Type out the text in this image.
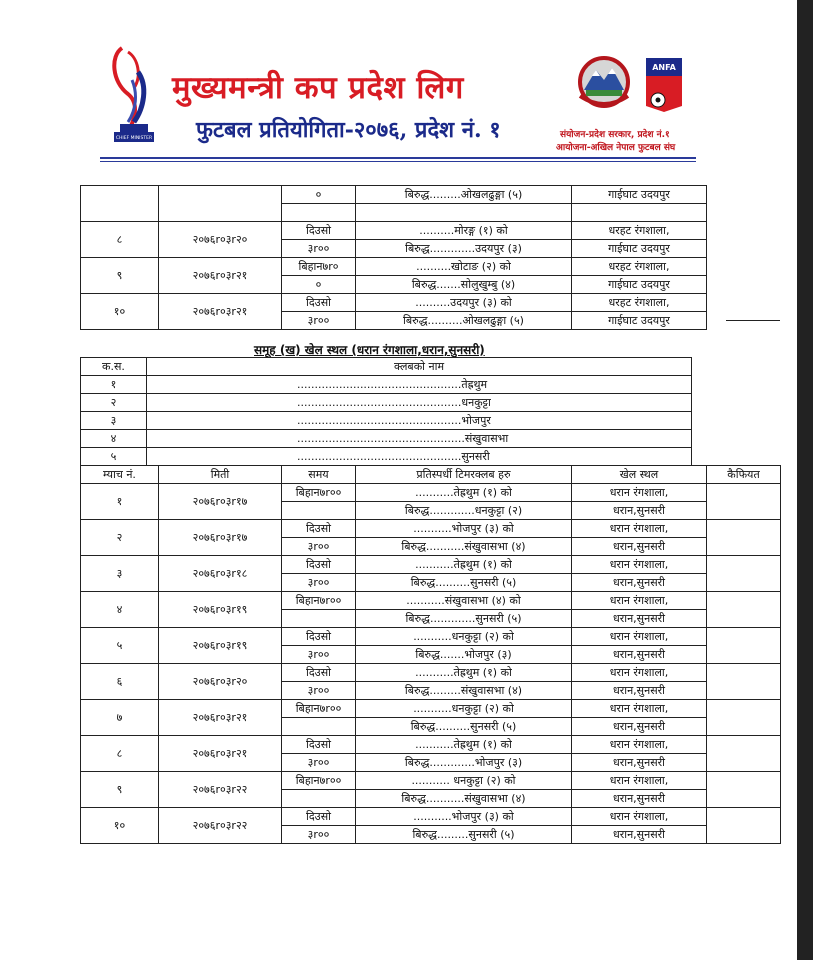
CHIEF MINISTER
मुख्यमन्त्री कप प्रदेश लिग
फुटबल प्रतियोगिता-२०७६, प्रदेश नं. १
ANFA
संयोजन-प्रदेश सरकार, प्रदेश नं.१
आयोजना-अखिल नेपाल फुटबल संघ
		०	बिरुद्ध.........ओखलढुङ्गा (५)	गाईघाट उदयपुर

८	२०७६r०३r२०	दिउसो	..........मोरङ्ग (१) को	धरहट रंगशाला,
		३r००	बिरुद्ध.............उदयपुर (३)	गाईघाट उदयपुर
९	२०७६r०३r२१	बिहान७r०	..........खोटाङ (२) को	धरहट रंगशाला,
		०	बिरुद्ध.......सोलुखुम्बु (४)	गाईघाट उदयपुर
१०	२०७६r०३r२१	दिउसो	..........उदयपुर (३) को	धरहट रंगशाला,
		३r००	बिरुद्ध..........ओखलढुङ्गा (५)	गाईघाट उदयपुर
समूह (ख) खेल स्थल (धरान रंगशाला,धरान,सुनसरी)
क.स.	क्लबको नाम
१	...............................................तेह्रथुम
२	...............................................धनकुट्टा
३	...............................................भोजपुर
४	................................................संखुवासभा
५	...............................................सुनसरी
म्याच नं.	मिती	समय	प्रतिस्पर्धी टिमरक्लब हरु	खेल स्थल	कैफियत
१	२०७६r०३r१७	बिहान७r००	...........तेह्रथुम (१) को	धरान रंगशाला,	
			बिरुद्ध.............धनकुट्टा (२)	धरान,सुनसरी	
२	२०७६r०३r१७	दिउसो	...........भोजपुर (३) को	धरान रंगशाला,	
		३r००	बिरुद्ध...........संखुवासभा (४)	धरान,सुनसरी	
३	२०७६r०३r१८	दिउसो	...........तेह्रथुम (१) को	धरान रंगशाला,	
		३r००	बिरुद्ध..........सुनसरी (५)	धरान,सुनसरी	
४	२०७६r०३r१९	बिहान७r००	...........संखुवासभा (४) को	धरान रंगशाला,	
			बिरुद्ध.............सुनसरी (५)	धरान,सुनसरी	
५	२०७६r०३r१९	दिउसो	...........धनकुट्टा (२) को	धरान रंगशाला,	
		३r००	बिरुद्ध.......भोजपुर (३)	धरान,सुनसरी	
६	२०७६r०३r२०	दिउसो	...........तेह्रथुम (१) को	धरान रंगशाला,	
		३r००	बिरुद्ध.........संखुवासभा (४)	धरान,सुनसरी	
७	२०७६r०३r२१	बिहान७r००	...........धनकुट्टा (२) को	धरान रंगशाला,	
			बिरुद्ध..........सुनसरी (५)	धरान,सुनसरी	
८	२०७६r०३r२१	दिउसो	...........तेह्रथुम (१) को	धरान रंगशाला,	
		३r००	बिरुद्ध.............भोजपुर (३)	धरान,सुनसरी	
९	२०७६r०३r२२	बिहान७r००	........... धनकुट्टा (२) को	धरान रंगशाला,	
			बिरुद्ध...........संखुवासभा (४)	धरान,सुनसरी	
१०	२०७६r०३r२२	दिउसो	...........भोजपुर (३) को	धरान रंगशाला,	
		३r००	बिरुद्ध.........सुनसरी (५)	धरान,सुनसरी	
